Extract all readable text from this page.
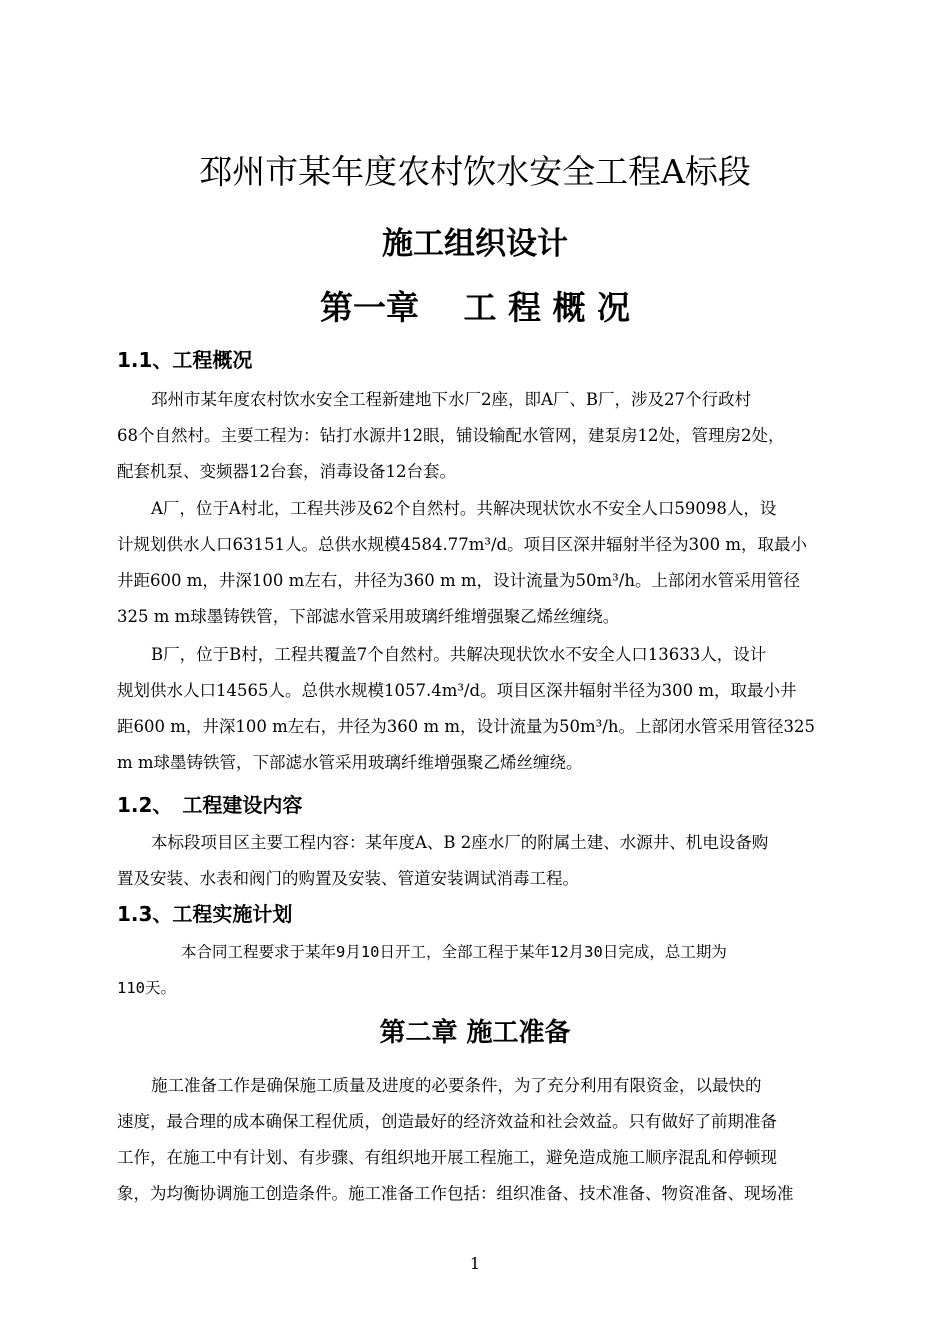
邳州市某年度农村饮水安全工程A标段
施工组织设计
第一章　 工 程 概 况
1.1、工程概况
邳州市某年度农村饮水安全工程新建地下水厂2座，即A厂、B厂，涉及27个行政村
68个自然村。主要工程为：钻打水源井12眼，铺设输配水管网，建泵房12处，管理房2处，
配套机泵、变频器12台套，消毒设备12台套。
A厂，位于A村北，工程共涉及62个自然村。共解决现状饮水不安全人口59098人，设
计规划供水人口63151人。总供水规模4584.77m³/d。项目区深井辐射半径为300 m，取最小
井距600 m，井深100 m左右，井径为360 m m，设计流量为50m³/h。上部闭水管采用管径
325 m m球墨铸铁管，下部滤水管采用玻璃纤维增强聚乙烯丝缠绕。
B厂，位于B村，工程共覆盖7个自然村。共解决现状饮水不安全人口13633人，设计
规划供水人口14565人。总供水规模1057.4m³/d。项目区深井辐射半径为300 m，取最小井
距600 m，井深100 m左右，井径为360 m m，设计流量为50m³/h。上部闭水管采用管径325
m m球墨铸铁管，下部滤水管采用玻璃纤维增强聚乙烯丝缠绕。
1.2、　工程建设内容
本标段项目区主要工程内容：某年度A、B 2座水厂的附属土建、水源井、机电设备购
置及安装、水表和阀门的购置及安装、管道安装调试消毒工程。
1.3、工程实施计划
本合同工程要求于某年9月10日开工，全部工程于某年12月30日完成，总工期为
110天。
第二章 施工准备
施工准备工作是确保施工质量及进度的必要条件，为了充分利用有限资金，以最快的
速度，最合理的成本确保工程优质，创造最好的经济效益和社会效益。只有做好了前期准备
工作，在施工中有计划、有步骤、有组织地开展工程施工，避免造成施工顺序混乱和停顿现
象，为均衡协调施工创造条件。施工准备工作包括：组织准备、技术准备、物资准备、现场准
1
